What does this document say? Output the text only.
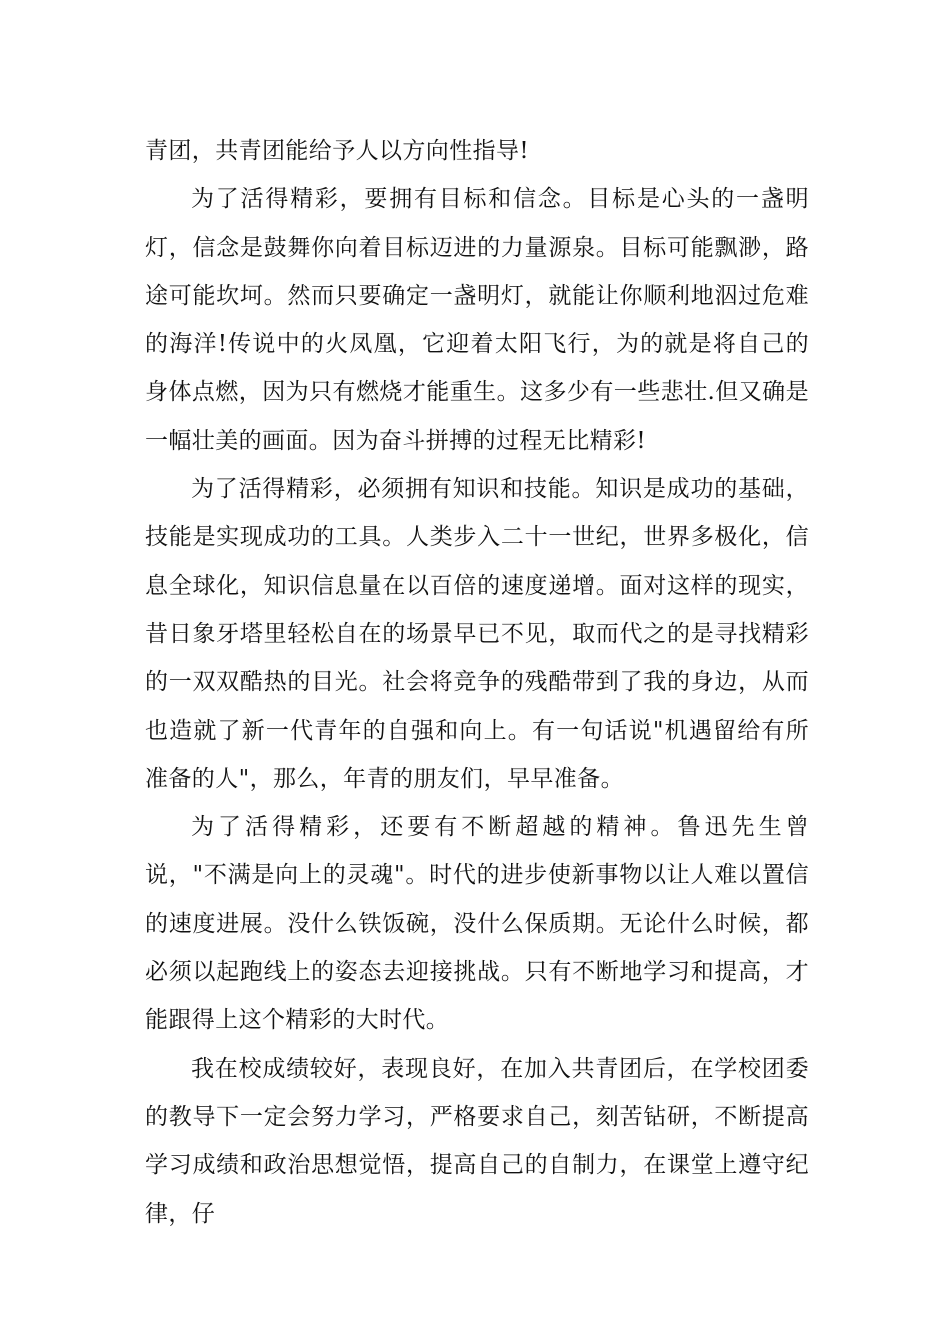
青团，共青团能给予人以方向性指导!

为了活得精彩，要拥有目标和信念。目标是心头的一盏明灯，信念是鼓舞你向着目标迈进的力量源泉。目标可能飘渺，路途可能坎坷。然而只要确定一盏明灯，就能让你顺利地泅过危难的海洋!传说中的火凤凰，它迎着太阳飞行，为的就是将自己的身体点燃，因为只有燃烧才能重生。这多少有一些悲壮.但又确是一幅壮美的画面。因为奋斗拼搏的过程无比精彩!

为了活得精彩，必须拥有知识和技能。知识是成功的基础，技能是实现成功的工具。人类步入二十一世纪，世界多极化，信息全球化，知识信息量在以百倍的速度递增。面对这样的现实，昔日象牙塔里轻松自在的场景早已不见，取而代之的是寻找精彩的一双双酷热的目光。社会将竞争的残酷带到了我的身边，从而也造就了新一代青年的自强和向上。有一句话说"机遇留给有所准备的人"，那么，年青的朋友们，早早准备。

为了活得精彩，还要有不断超越的精神。鲁迅先生曾说，"不满是向上的灵魂"。时代的进步使新事物以让人难以置信的速度进展。没什么铁饭碗，没什么保质期。无论什么时候，都必须以起跑线上的姿态去迎接挑战。只有不断地学习和提高，才能跟得上这个精彩的大时代。

我在校成绩较好，表现良好，在加入共青团后，在学校团委的教导下一定会努力学习，严格要求自己，刻苦钻研，不断提高学习成绩和政治思想觉悟，提高自己的自制力，在课堂上遵守纪律，仔
